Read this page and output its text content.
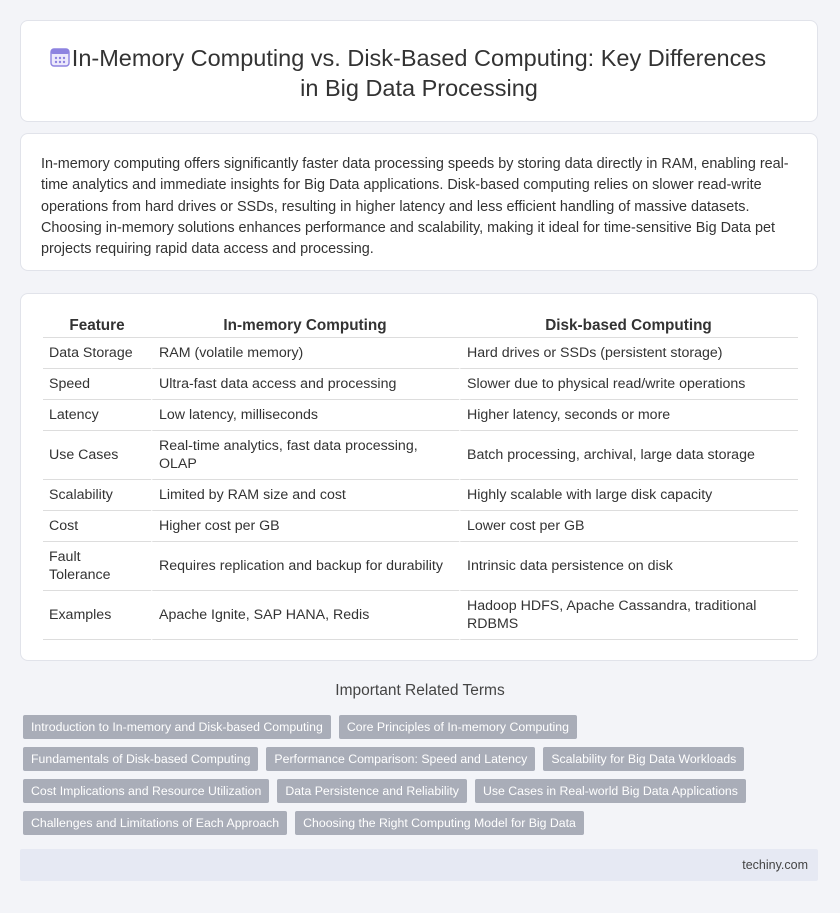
In-Memory Computing vs. Disk-Based Computing: Key Differences
in Big Data Processing
In-memory computing offers significantly faster data processing speeds by storing data directly in RAM, enabling real-time analytics and immediate insights for Big Data applications. Disk-based computing relies on slower read-write operations from hard drives or SSDs, resulting in higher latency and less efficient handling of massive datasets. Choosing in-memory solutions enhances performance and scalability, making it ideal for time-sensitive Big Data pet projects requiring rapid data access and processing.
Feature	In-memory Computing	Disk-based Computing
Data Storage	RAM (volatile memory)	Hard drives or SSDs (persistent storage)
Speed	Ultra-fast data access and processing	Slower due to physical read/write operations
Latency	Low latency, milliseconds	Higher latency, seconds or more
Use Cases	Real-time analytics, fast data processing, OLAP	Batch processing, archival, large data storage
Scalability	Limited by RAM size and cost	Highly scalable with large disk capacity
Cost	Higher cost per GB	Lower cost per GB
Fault Tolerance	Requires replication and backup for durability	Intrinsic data persistence on disk
Examples	Apache Ignite, SAP HANA, Redis	Hadoop HDFS, Apache Cassandra, traditional RDBMS
Important Related Terms
Introduction to In-memory and Disk-based Computing	Core Principles of In-memory Computing
Fundamentals of Disk-based Computing	Performance Comparison: Speed and Latency	Scalability for Big Data Workloads
Cost Implications and Resource Utilization	Data Persistence and Reliability	Use Cases in Real-world Big Data Applications
Challenges and Limitations of Each Approach	Choosing the Right Computing Model for Big Data
techiny.com
